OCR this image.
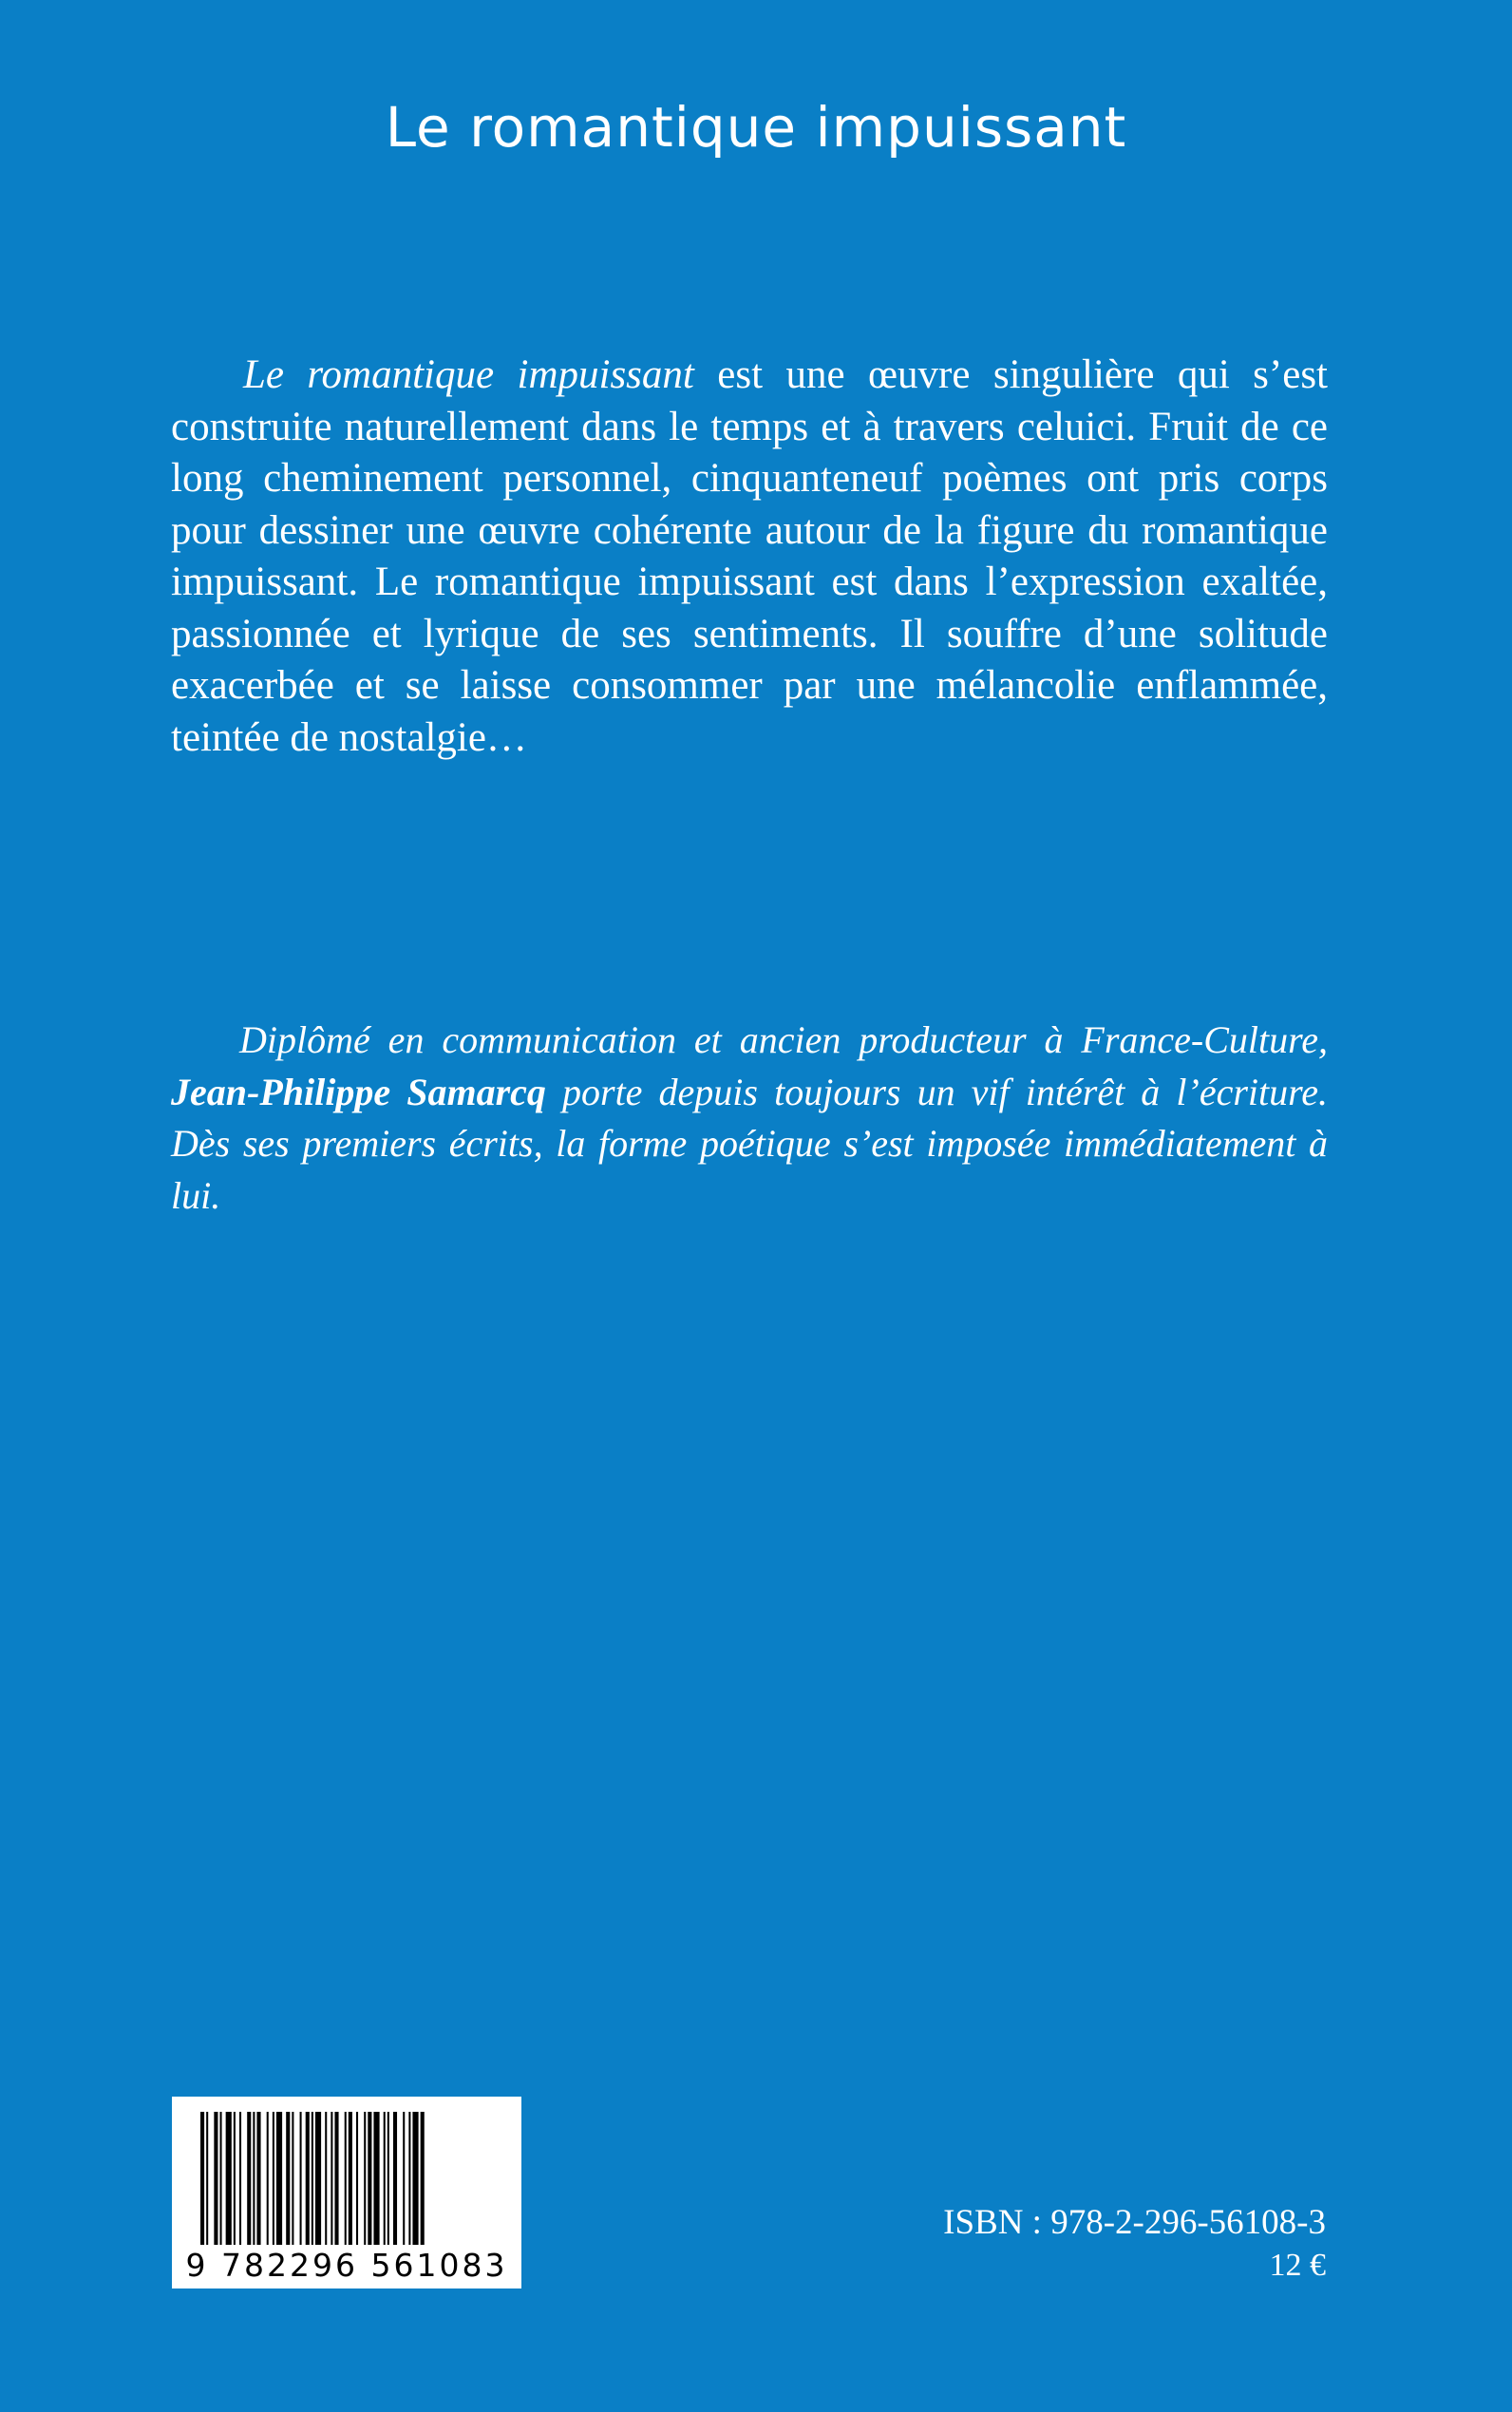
Le romantique impuissant

Le romantique impuissant est une œuvre singulière qui s’est construite naturellement dans le temps et à travers celuici. Fruit de ce long cheminement personnel, cinquanteneuf poèmes ont pris corps pour dessiner une œuvre cohérente autour de la figure du romantique impuissant. Le romantique impuissant est dans l’expression exaltée, passionnée et lyrique de ses sentiments. Il souffre d’une solitude exacerbée et se laisse consommer par une mélancolie enflammée, teintée de nostalgie…

Diplômé en communication et ancien producteur à France-Culture, Jean-Philippe Samarcq porte depuis toujours un vif intérêt à l’écriture. Dès ses premiers écrits, la forme poétique s’est imposée immédiatement à lui.

9 782296 561083
ISBN : 978-2-296-56108-3
12 €
